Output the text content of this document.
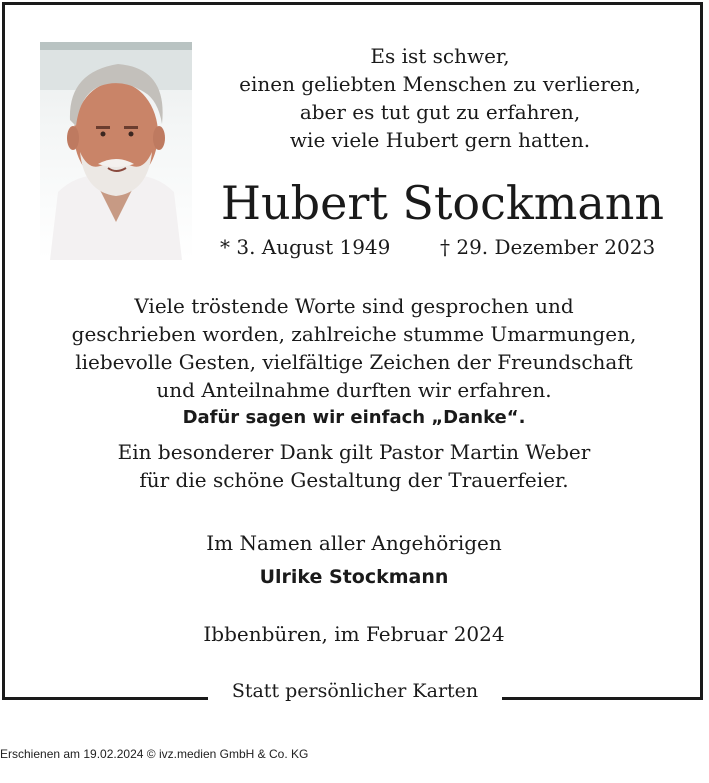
Es ist schwer,
einen geliebten Menschen zu verlieren,
aber es tut gut zu erfahren,
wie viele Hubert gern hatten.
Hubert Stockmann
* 3. August 1949 † 29. Dezember 2023
Viele tröstende Worte sind gesprochen und
geschrieben worden, zahlreiche stumme Umarmungen,
liebevolle Gesten, vielfältige Zeichen der Freundschaft
und Anteilnahme durften wir erfahren.
Dafür sagen wir einfach „Danke“.
Ein besonderer Dank gilt Pastor Martin Weber
für die schöne Gestaltung der Trauerfeier.
Im Namen aller Angehörigen
Ulrike Stockmann
Ibbenbüren, im Februar 2024
Statt persönlicher Karten
Erschienen am 19.02.2024 © ivz.medien GmbH & Co. KG
